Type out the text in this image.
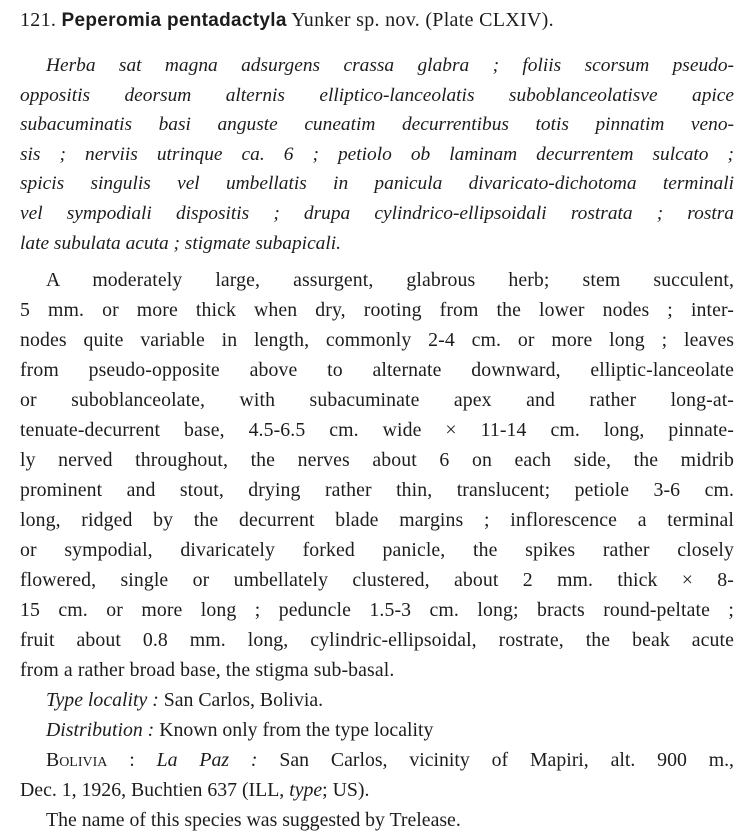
121. Peperomia pentadactyla Yunker sp. nov. (Plate CLXIV).
Herba sat magna adsurgens crassa glabra ; foliis scorsum pseudo-
oppositis deorsum alternis elliptico-lanceolatis suboblanceolatisve apice
subacuminatis basi anguste cuneatim decurrentibus totis pinnatim veno-
sis ; nerviis utrinque ca. 6 ; petiolo ob laminam decurrentem sulcato ;
spicis singulis vel umbellatis in panicula divaricato-dichotoma terminali
vel sympodiali dispositis ; drupa cylindrico-ellipsoidali rostrata ; rostra
late subulata acuta ; stigmate subapicali.
A moderately large, assurgent, glabrous herb; stem succulent,
5 mm. or more thick when dry, rooting from the lower nodes ; inter-
nodes quite variable in length, commonly 2-4 cm. or more long ; leaves
from pseudo-opposite above to alternate downward, elliptic-lanceolate
or suboblanceolate, with subacuminate apex and rather long-at-
tenuate-decurrent base, 4.5-6.5 cm. wide × 11-14 cm. long, pinnate-
ly nerved throughout, the nerves about 6 on each side, the midrib
prominent and stout, drying rather thin, translucent; petiole 3-6 cm.
long, ridged by the decurrent blade margins ; inflorescence a terminal
or sympodial, divaricately forked panicle, the spikes rather closely
flowered, single or umbellately clustered, about 2 mm. thick × 8-
15 cm. or more long ; peduncle 1.5-3 cm. long; bracts round-peltate ;
fruit about 0.8 mm. long, cylindric-ellipsoidal, rostrate, the beak acute
from a rather broad base, the stigma sub-basal.
Type locality : San Carlos, Bolivia.
Distribution : Known only from the type locality
Bolivia : La Paz : San Carlos, vicinity of Mapiri, alt. 900 m.,
Dec. 1, 1926, Buchtien 637 (ILL, type; US).
The name of this species was suggested by Trelease.
